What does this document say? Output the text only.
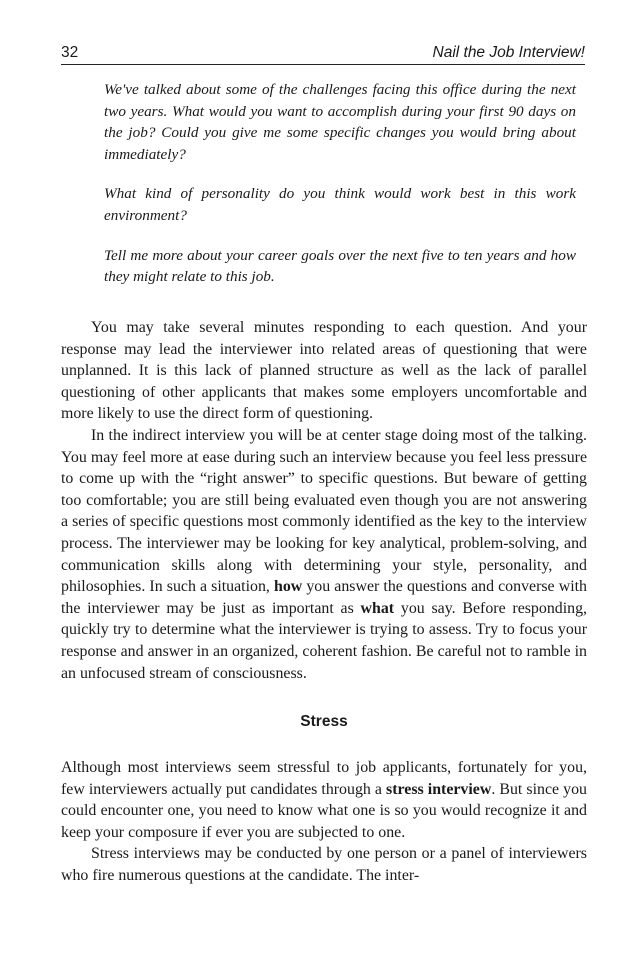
32	Nail the Job Interview!

We've talked about some of the challenges facing this office during the next two years. What would you want to accomplish during your first 90 days on the job? Could you give me some specific changes you would bring about immediately?

What kind of personality do you think would work best in this work environment?

Tell me more about your career goals over the next five to ten years and how they might relate to this job.

You may take several minutes responding to each question. And your response may lead the interviewer into related areas of questioning that were unplanned. It is this lack of planned structure as well as the lack of parallel questioning of other applicants that makes some employers uncomfortable and more likely to use the direct form of questioning.

In the indirect interview you will be at center stage doing most of the talking. You may feel more at ease during such an interview because you feel less pressure to come up with the “right answer” to specific questions. But beware of getting too comfortable; you are still being evaluated even though you are not answering a series of specific questions most commonly identified as the key to the interview process. The interviewer may be looking for key analytical, problem-solving, and communication skills along with determining your style, personality, and philosophies. In such a situation, how you answer the questions and converse with the interviewer may be just as important as what you say. Before responding, quickly try to determine what the interviewer is trying to assess. Try to focus your response and answer in an organized, coherent fashion. Be careful not to ramble in an unfocused stream of consciousness.

Stress

Although most interviews seem stressful to job applicants, fortunately for you, few interviewers actually put candidates through a stress interview. But since you could encounter one, you need to know what one is so you would recognize it and keep your composure if ever you are subjected to one.

Stress interviews may be conducted by one person or a panel of interviewers who fire numerous questions at the candidate. The inter-
